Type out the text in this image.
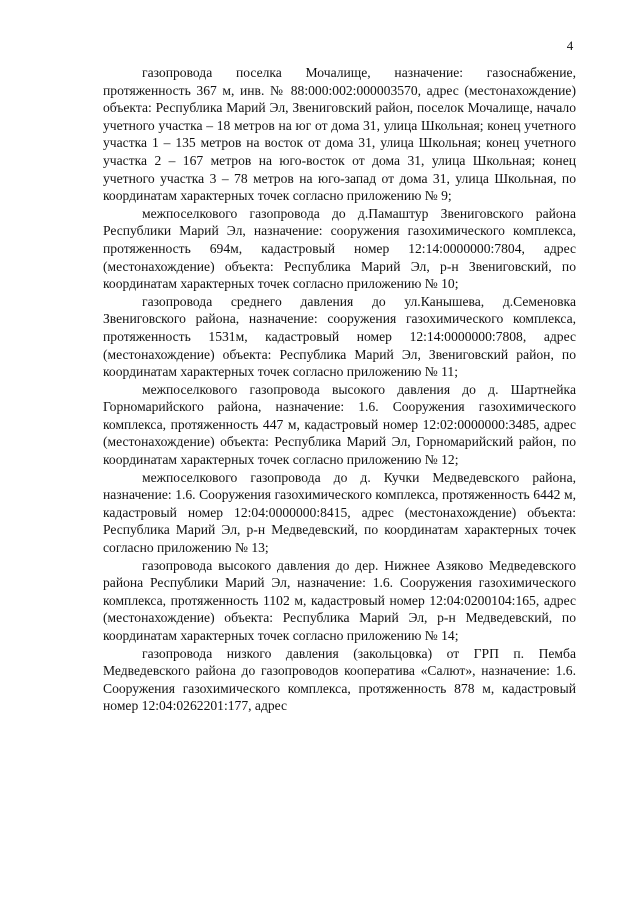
4

газопровода поселка Мочалище, назначение: газоснабжение, протяженность 367 м, инв. № 88:000:002:000003570, адрес (местонахождение) объекта: Республика Марий Эл, Звениговский район, поселок Мочалище, начало учетного участка – 18 метров на юг от дома 31, улица Школьная; конец учетного участка 1 – 135 метров на восток от дома 31, улица Школьная; конец учетного участка 2 – 167 метров на юго-восток от дома 31, улица Школьная; конец учетного участка 3 – 78 метров на юго-запад от дома 31, улица Школьная, по координатам характерных точек согласно приложению № 9;

межпоселкового газопровода до д.Памаштур Звениговского района Республики Марий Эл, назначение: сооружения газохимического комплекса, протяженность 694м, кадастровый номер 12:14:0000000:7804, адрес (местонахождение) объекта: Республика Марий Эл, р-н Звениговский, по координатам характерных точек согласно приложению № 10;

газопровода среднего давления до ул.Канышева, д.Семеновка Звениговского района, назначение: сооружения газохимического комплекса, протяженность 1531м, кадастровый номер 12:14:0000000:7808, адрес (местонахождение) объекта: Республика Марий Эл, Звениговский район, по координатам характерных точек согласно приложению № 11;

межпоселкового газопровода высокого давления до д. Шартнейка Горномарийского района, назначение: 1.6. Сооружения газохимического комплекса, протяженность 447 м, кадастровый номер 12:02:0000000:3485, адрес (местонахождение) объекта: Республика Марий Эл, Горномарийский район, по координатам характерных точек согласно приложению № 12;

межпоселкового газопровода до д. Кучки Медведевского района, назначение: 1.6. Сооружения газохимического комплекса, протяженность 6442 м, кадастровый номер 12:04:0000000:8415, адрес (местонахождение) объекта: Республика Марий Эл, р-н Медведевский, по координатам характерных точек согласно приложению № 13;

газопровода высокого давления до дер. Нижнее Азяково Медведевского района Республики Марий Эл, назначение: 1.6. Сооружения газохимического комплекса, протяженность 1102 м, кадастровый номер 12:04:0200104:165, адрес (местонахождение) объекта: Республика Марий Эл, р-н Медведевский, по координатам характерных точек согласно приложению № 14;

газопровода низкого давления (закольцовка) от ГРП п. Пемба Медведевского района до газопроводов кооператива «Салют», назначение: 1.6. Сооружения газохимического комплекса, протяженность 878 м, кадастровый номер 12:04:0262201:177, адрес
